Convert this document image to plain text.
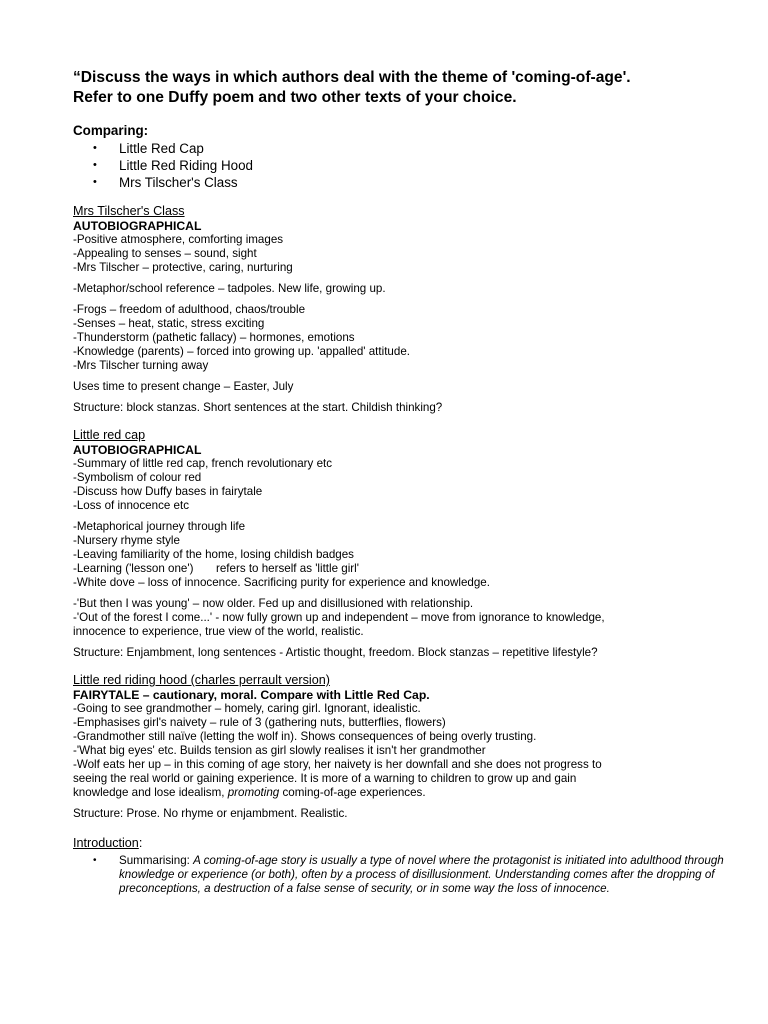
“Discuss the ways in which authors deal with the theme of 'coming-of-age'.
Refer to one Duffy poem and two other texts of your choice.
Comparing:
• Little Red Cap
• Little Red Riding Hood
• Mrs Tilscher's Class
Mrs Tilscher's Class
AUTOBIOGRAPHICAL
-Positive atmosphere, comforting images
-Appealing to senses – sound, sight
-Mrs Tilscher – protective, caring, nurturing
-Metaphor/school reference – tadpoles. New life, growing up.
-Frogs – freedom of adulthood, chaos/trouble
-Senses – heat, static, stress exciting
-Thunderstorm (pathetic fallacy) – hormones, emotions
-Knowledge (parents) – forced into growing up. 'appalled' attitude.
-Mrs Tilscher turning away
Uses time to present change – Easter, July
Structure: block stanzas. Short sentences at the start. Childish thinking?
Little red cap
AUTOBIOGRAPHICAL
-Summary of little red cap, french revolutionary etc
-Symbolism of colour red
-Discuss how Duffy bases in fairytale
-Loss of innocence etc
-Metaphorical journey through life
-Nursery rhyme style
-Leaving familiarity of the home, losing childish badges
-Learning ('lesson one')       refers to herself as 'little girl'
-White dove – loss of innocence. Sacrificing purity for experience and knowledge.
-'But then I was young' – now older. Fed up and disillusioned with relationship.
-'Out of the forest I come...' - now fully grown up and independent – move from ignorance to knowledge,
innocence to experience, true view of the world, realistic.
Structure: Enjambment, long sentences - Artistic thought, freedom. Block stanzas – repetitive lifestyle?
Little red riding hood (charles perrault version)
FAIRYTALE – cautionary, moral. Compare with Little Red Cap.
-Going to see grandmother – homely, caring girl. Ignorant, idealistic.
-Emphasises girl's naivety – rule of 3 (gathering nuts, butterflies, flowers)
-Grandmother still naïve (letting the wolf in). Shows consequences of being overly trusting.
-'What big eyes' etc. Builds tension as girl slowly realises it isn't her grandmother
-Wolf eats her up – in this coming of age story, her naivety is her downfall and she does not progress to
seeing the real world or gaining experience. It is more of a warning to children to grow up and gain
knowledge and lose idealism, promoting coming-of-age experiences.
Structure: Prose. No rhyme or enjambment. Realistic.
Introduction:
• Summarising: A coming-of-age story is usually a type of novel where the protagonist is initiated into adulthood through knowledge or experience (or both), often by a process of disillusionment. Understanding comes after the dropping of preconceptions, a destruction of a false sense of security, or in some way the loss of innocence.
